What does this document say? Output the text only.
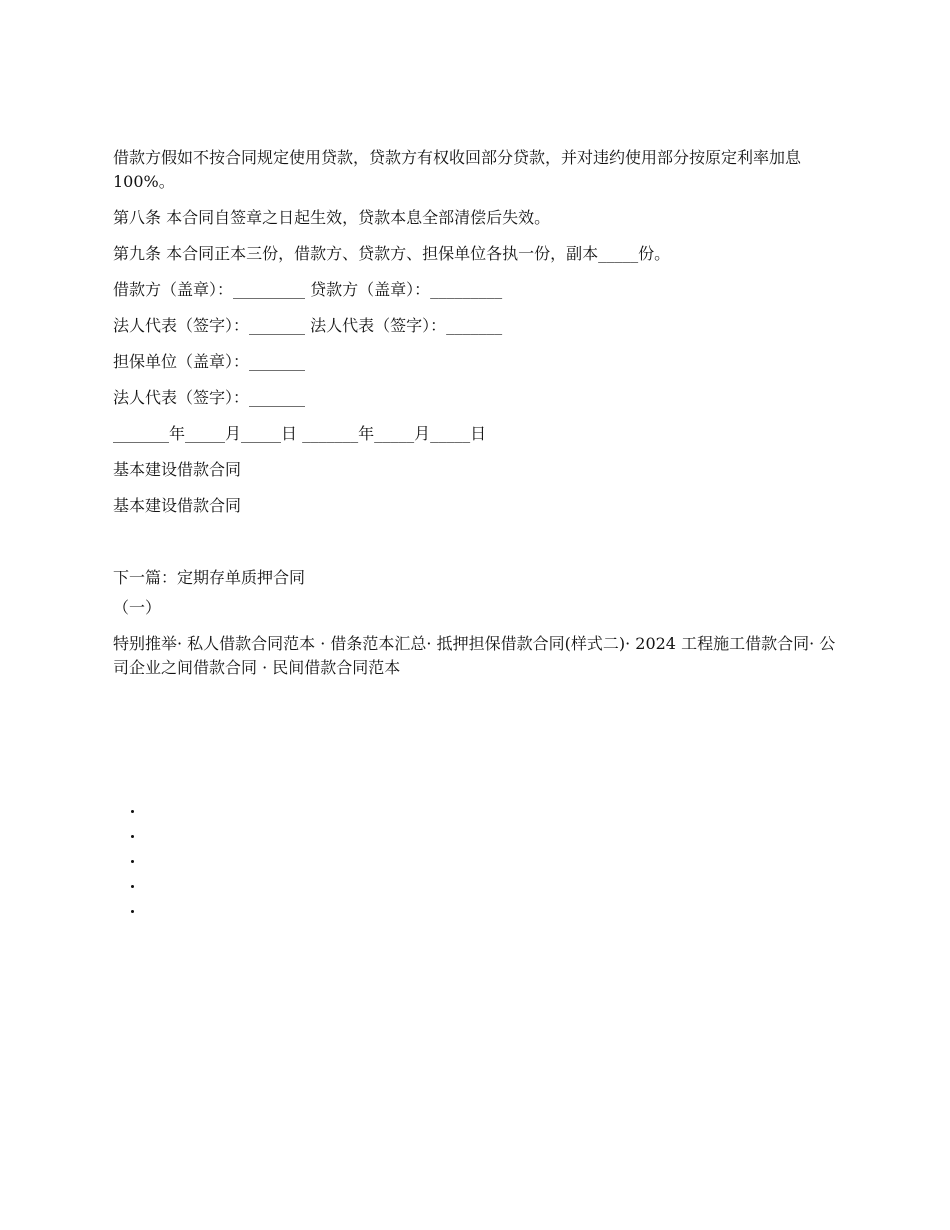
借款方假如不按合同规定使用贷款，贷款方有权收回部分贷款，并对违约使用部分按原定利率加息 100%。

第八条 本合同自签章之日起生效，贷款本息全部清偿后失效。

第九条 本合同正本三份，借款方、贷款方、担保单位各执一份，副本_____份。

借款方（盖章）：_________ 贷款方（盖章）：_________

法人代表（签字）：_______ 法人代表（签字）：_______

担保单位（盖章）：_______

法人代表（签字）：_______

_______年_____月_____日 _______年_____月_____日

基本建设借款合同

基本建设借款合同

下一篇：定期存单质押合同

（一）

特别推举· 私人借款合同范本 · 借条范本汇总· 抵押担保借款合同(样式二)· 2024 工程施工借款合同· 公司企业之间借款合同 · 民间借款合同范本
